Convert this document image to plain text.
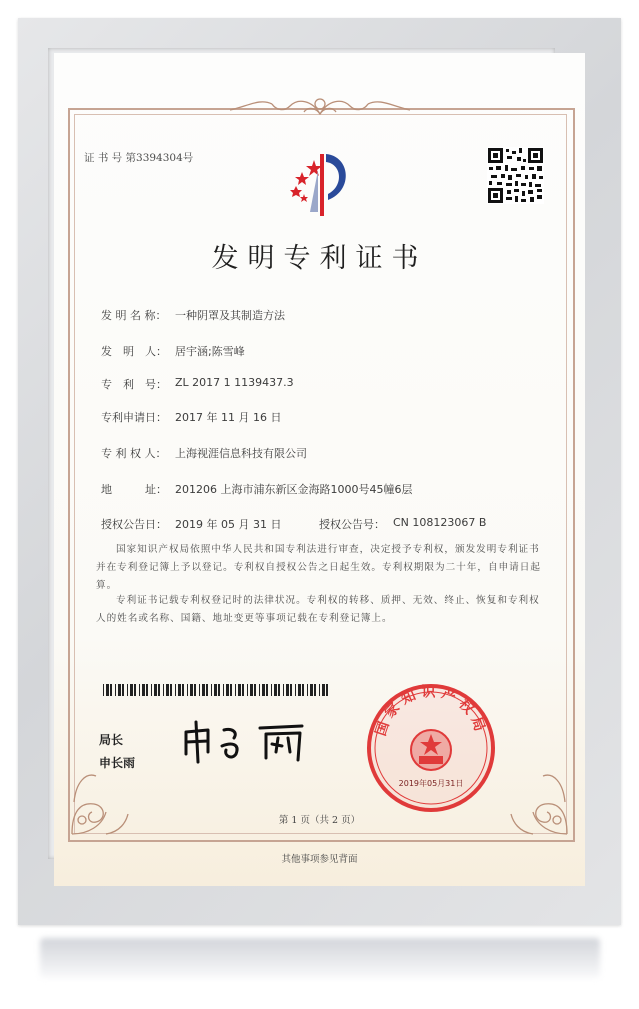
证 书 号 第3394304号
发明专利证书
发 明 名 称： 一种阴罩及其制造方法
发　明　人： 居宇涵;陈雪峰
专　利　号： ZL 2017 1 1139437.3
专利申请日： 2017 年 11 月 16 日
专 利 权 人： 上海视涯信息科技有限公司
地　　　址： 201206 上海市浦东新区金海路1000号45幢6层
授权公告日： 2019 年 05 月 31 日	授权公告号： CN 108123067 B
国家知识产权局依照中华人民共和国专利法进行审查，决定授予专利权，颁发发明专利证书并在专利登记簿上予以登记。专利权自授权公告之日起生效。专利权期限为二十年，自申请日起算。
专利证书记载专利权登记时的法律状况。专利权的转移、质押、无效、终止、恢复和专利权人的姓名或名称、国籍、地址变更等事项记载在专利登记簿上。
局长
申长雨
国家知识产权局
2019年05月31日
第 1 页（共 2 页）
其他事项参见背面
